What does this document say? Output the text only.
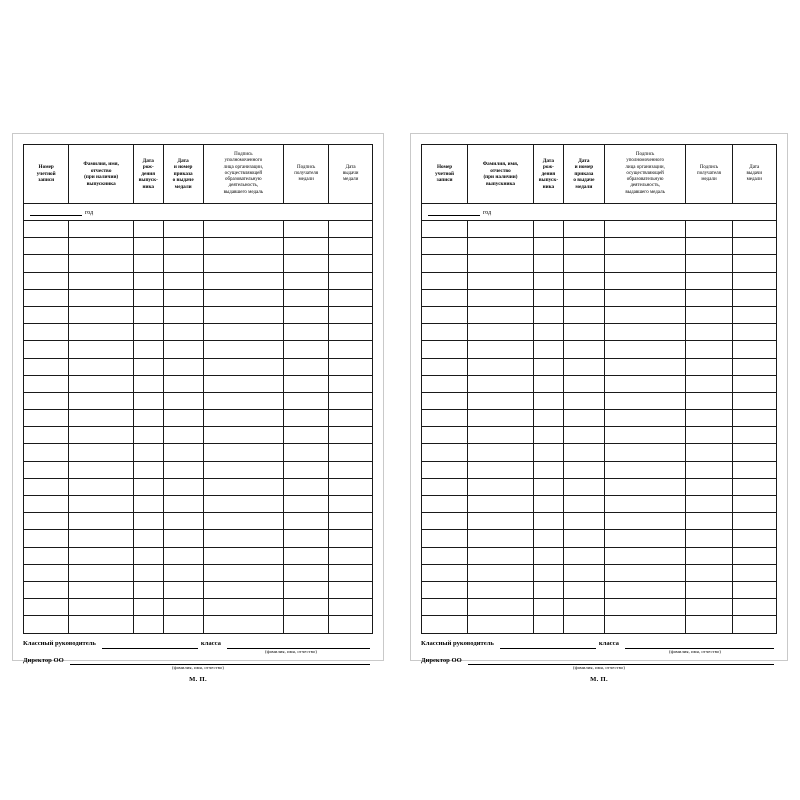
Номер
учетной
записи	Фамилия, имя,
отчество
(при наличии)
выпускника	Дата
рож-
дения
выпуск-
ника	Дата
и номер
приказа
о выдаче
медали	Подпись
уполномоченного
лица организации,
осуществляющей
образовательную
деятельность,
выдавшего медаль	Подпись
получателя
медали	Дата
выдачи
медали
год						

Классный руководитель	класса
(фамилия, имя, отчество)
Директор ОО
(фамилия, имя, отчество)
М. П.
Номер
учетной
записи	Фамилия, имя,
отчество
(при наличии)
выпускника	Дата
рож-
дения
выпуск-
ника	Дата
и номер
приказа
о выдаче
медали	Подпись
уполномоченного
лица организации,
осуществляющей
образовательную
деятельность,
выдавшего медаль	Подпись
получателя
медали	Дата
выдачи
медали
год						

Классный руководитель	класса
(фамилия, имя, отчество)
Директор ОО
(фамилия, имя, отчество)
М. П.
